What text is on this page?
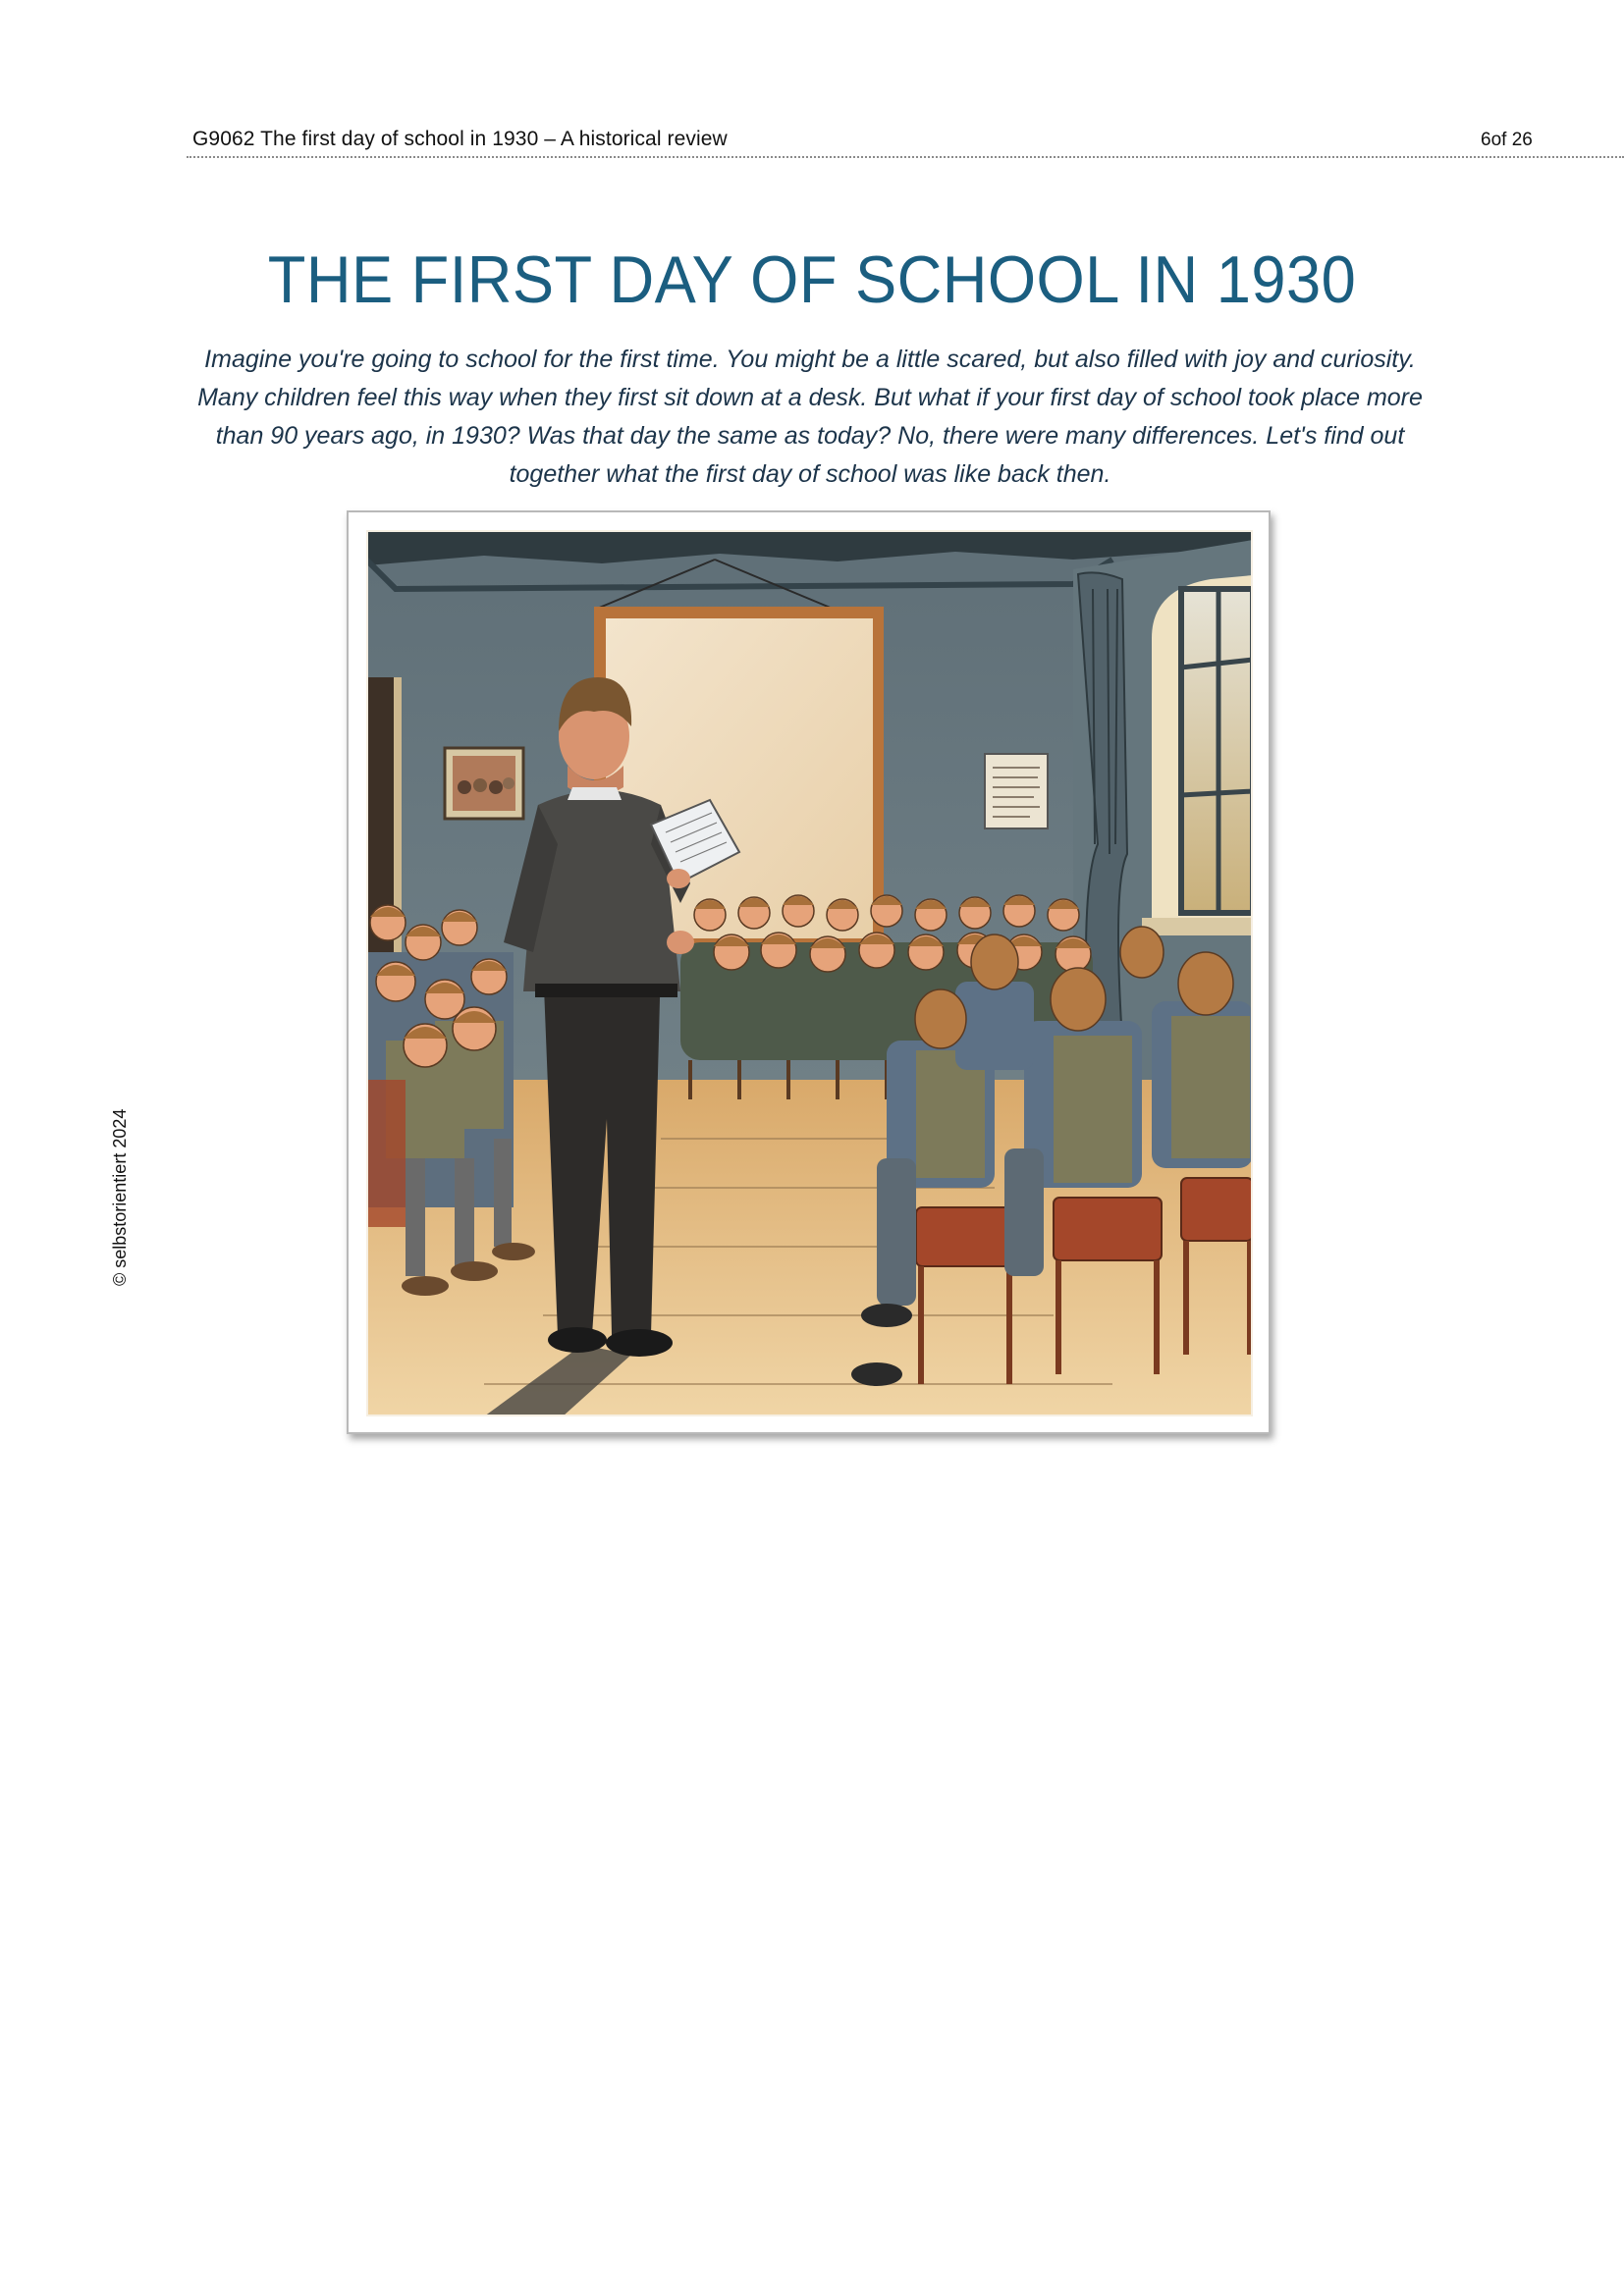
G9062 The first day of school in 1930 – A historical review	6of 26
© selbstorientiert 2024
THE FIRST DAY OF SCHOOL IN 1930

Imagine you're going to school for the first time. You might be a little scared, but also filled with joy and curiosity. Many children feel this way when they first sit down at a desk. But what if your first day of school took place more than 90 years ago, in 1930? Was that day the same as today? No, there were many differences. Let's find out together what the first day of school was like back then.
